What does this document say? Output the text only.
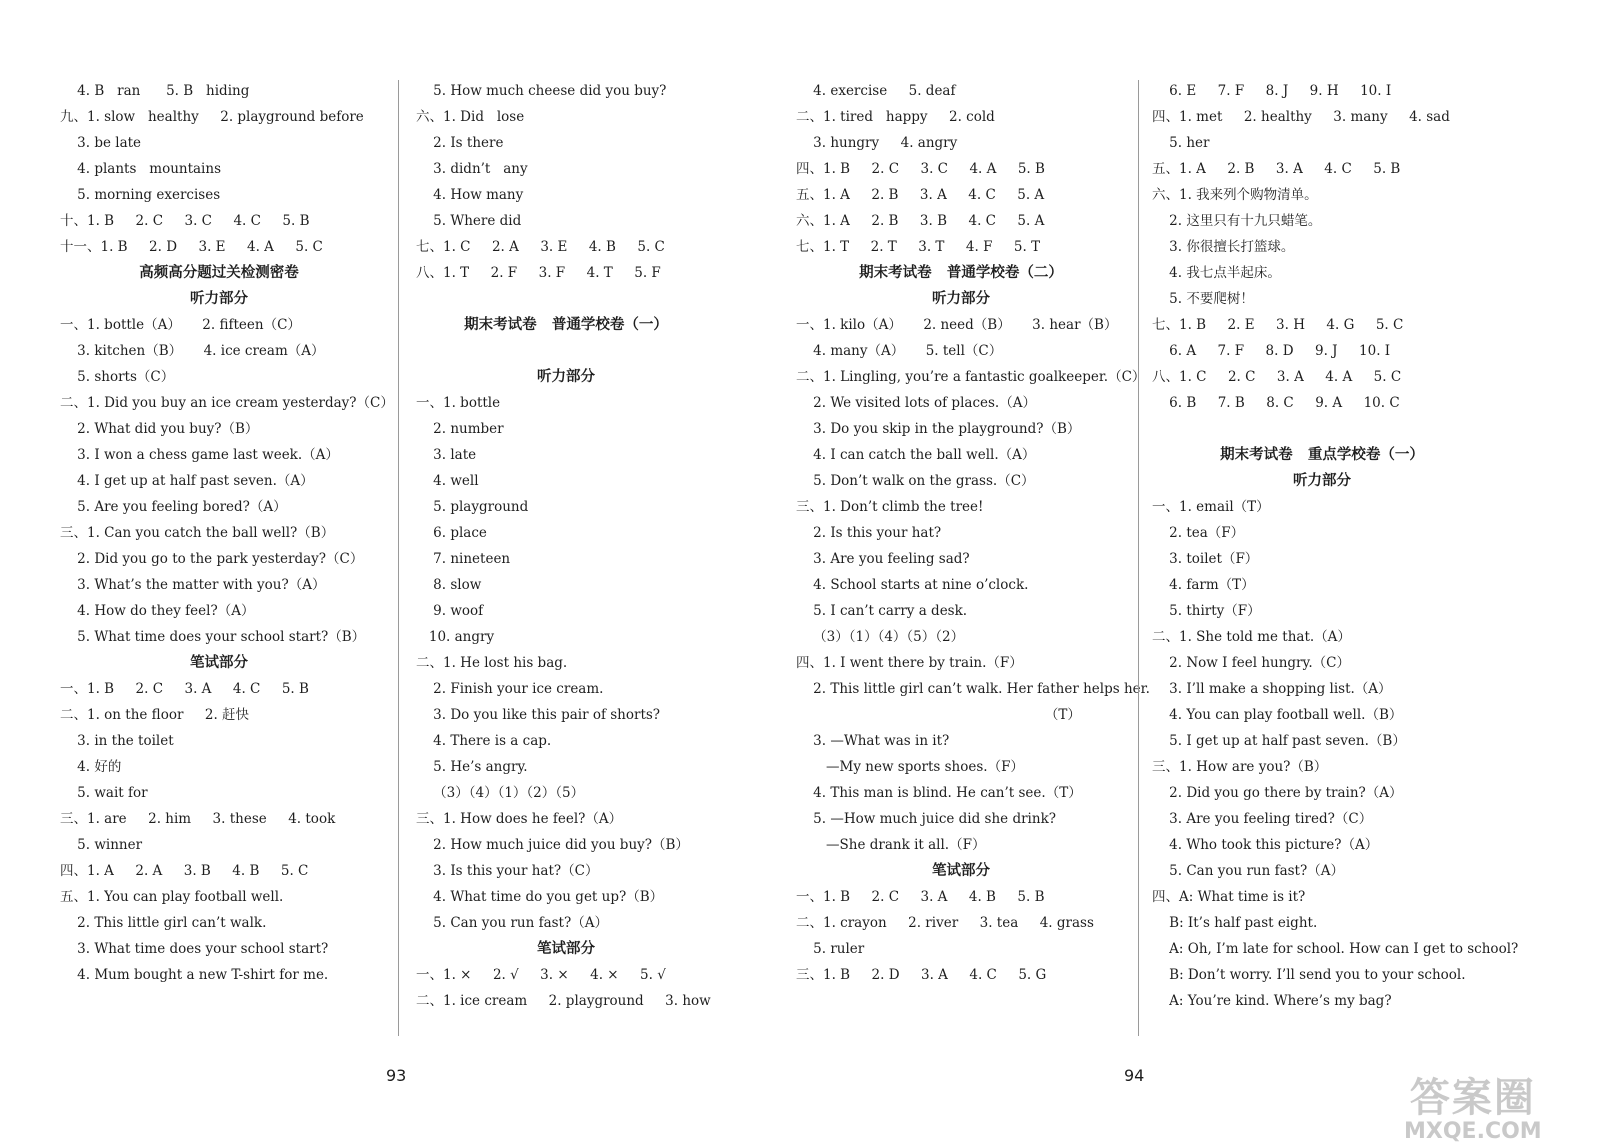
4. B   ran      5. B   hiding
九、1. slow   healthy     2. playground before
3. be late
4. plants   mountains
5. morning exercises
十、1. B     2. C     3. C     4. C     5. B
十一、1. B     2. D     3. E     4. A     5. C
高频高分题过关检测密卷
听力部分
一、1. bottle（A）     2. fifteen（C）
3. kitchen（B）     4. ice cream（A）
5. shorts（C）
二、1. Did you buy an ice cream yesterday?（C）
2. What did you buy?（B）
3. I won a chess game last week.（A）
4. I get up at half past seven.（A）
5. Are you feeling bored?（A）
三、1. Can you catch the ball well?（B）
2. Did you go to the park yesterday?（C）
3. What’s the matter with you?（A）
4. How do they feel?（A）
5. What time does your school start?（B）
笔试部分
一、1. B     2. C     3. A     4. C     5. B
二、1. on the floor     2. 赶快
3. in the toilet
4. 好的
5. wait for
三、1. are     2. him     3. these     4. took
5. winner
四、1. A     2. A     3. B     4. B     5. C
五、1. You can play football well.
2. This little girl can’t walk.
3. What time does your school start?
4. Mum bought a new T-shirt for me.
5. How much cheese did you buy?
六、1. Did   lose
2. Is there
3. didn’t   any
4. How many
5. Where did
七、1. C     2. A     3. E     4. B     5. C
八、1. T     2. F     3. F     4. T     5. F
期末考试卷   普通学校卷（一）
听力部分
一、1. bottle
2. number
3. late
4. well
5. playground
6. place
7. nineteen
8. slow
9. woof
10. angry
二、1. He lost his bag.
2. Finish your ice cream.
3. Do you like this pair of shorts?
4. There is a cap.
5. He’s angry.
（3）（4）（1）（2）（5）
三、1. How does he feel?（A）
2. How much juice did you buy?（B）
3. Is this your hat?（C）
4. What time do you get up?（B）
5. Can you run fast?（A）
笔试部分
一、1. ×     2. √     3. ×     4. ×     5. √
二、1. ice cream     2. playground     3. how
4. exercise     5. deaf
二、1. tired   happy     2. cold
3. hungry     4. angry
四、1. B     2. C     3. C     4. A     5. B
五、1. A     2. B     3. A     4. C     5. A
六、1. A     2. B     3. B     4. C     5. A
七、1. T     2. T     3. T     4. F     5. T
期末考试卷   普通学校卷（二）
听力部分
一、1. kilo（A）     2. need（B）     3. hear（B）
4. many（A）     5. tell（C）
二、1. Lingling, you’re a fantastic goalkeeper.（C）
2. We visited lots of places.（A）
3. Do you skip in the playground?（B）
4. I can catch the ball well.（A）
5. Don’t walk on the grass.（C）
三、1. Don’t climb the tree!
2. Is this your hat?
3. Are you feeling sad?
4. School starts at nine o’clock.
5. I can’t carry a desk.
（3）（1）（4）（5）（2）
四、1. I went there by train.（F）
2. This little girl can’t walk. Her father helps her.
（T）
3. —What was in it?
—My new sports shoes.（F）
4. This man is blind. He can’t see.（T）
5. —How much juice did she drink?
—She drank it all.（F）
笔试部分
一、1. B     2. C     3. A     4. B     5. B
二、1. crayon     2. river     3. tea     4. grass
5. ruler
三、1. B     2. D     3. A     4. C     5. G
6. E     7. F     8. J     9. H     10. I
四、1. met     2. healthy     3. many     4. sad
5. her
五、1. A     2. B     3. A     4. C     5. B
六、1. 我来列个购物清单。
2. 这里只有十九只蜡笔。
3. 你很擅长打篮球。
4. 我七点半起床。
5. 不要爬树！
七、1. B     2. E     3. H     4. G     5. C
6. A     7. F     8. D     9. J     10. I
八、1. C     2. C     3. A     4. A     5. C
6. B     7. B     8. C     9. A     10. C
期末考试卷   重点学校卷（一）
听力部分
一、1. email（T）
2. tea（F）
3. toilet（F）
4. farm（T）
5. thirty（F）
二、1. She told me that.（A）
2. Now I feel hungry.（C）
3. I’ll make a shopping list.（A）
4. You can play football well.（B）
5. I get up at half past seven.（B）
三、1. How are you?（B）
2. Did you go there by train?（A）
3. Are you feeling tired?（C）
4. Who took this picture?（A）
5. Can you run fast?（A）
四、A: What time is it?
B: It’s half past eight.
A: Oh, I’m late for school. How can I get to school?
B: Don’t worry. I’ll send you to your school.
A: You’re kind. Where’s my bag?
93	94	答案圈
MXQE.COM
